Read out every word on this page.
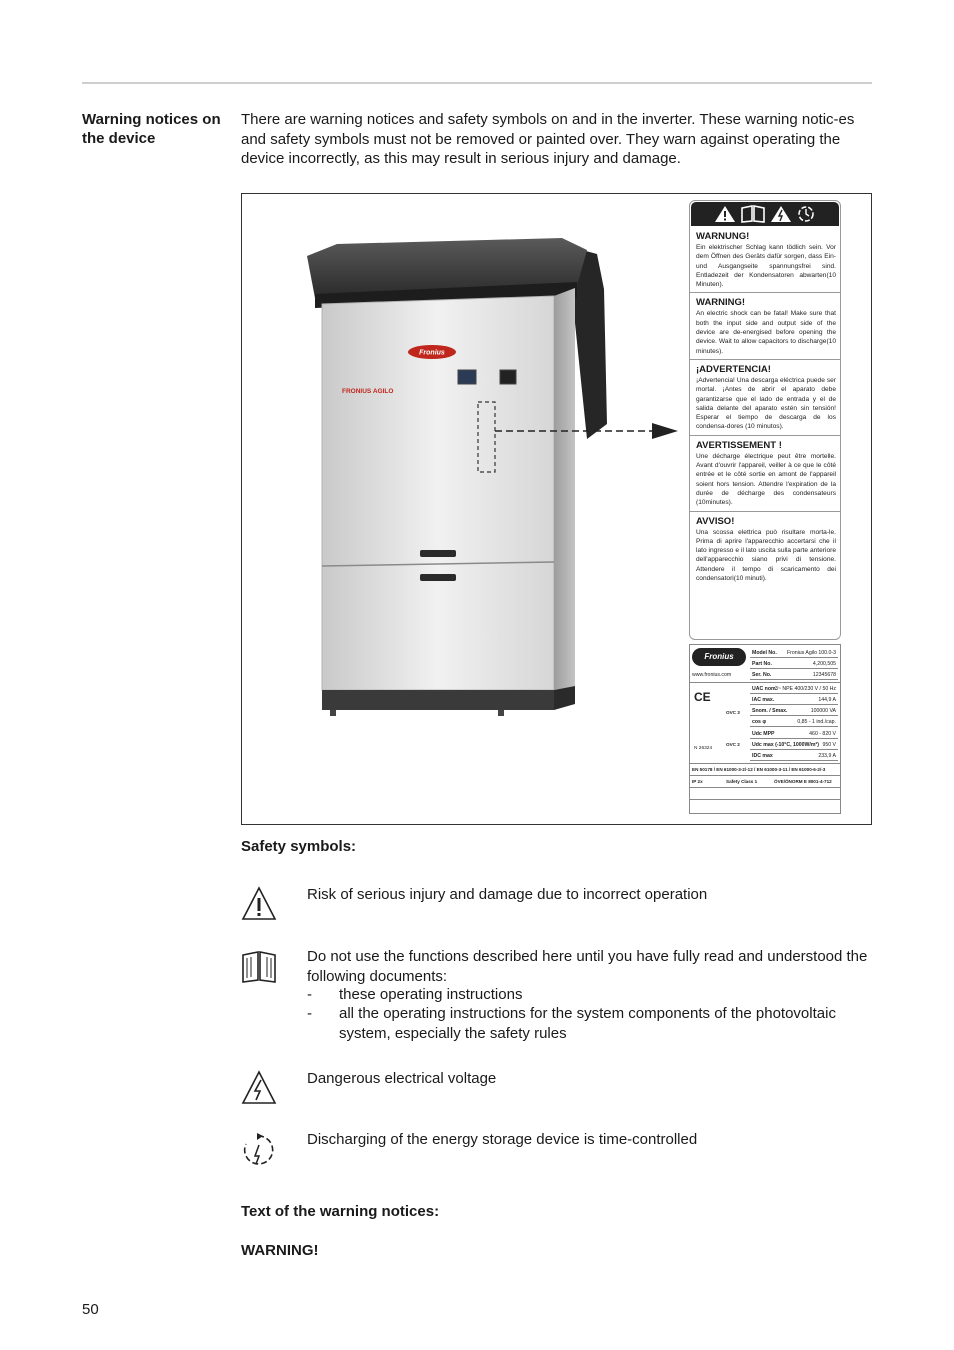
Warning notices on the device
There are warning notices and safety symbols on and in the inverter. These warning notic-es and safety symbols must not be removed or painted over. They warn against operating the device incorrectly, as this may result in serious injury and damage.
Fronius
FRONIUS AGILO
WARNUNG!
Ein elektrischer Schlag kann tödlich sein. Vor dem Öffnen des Geräts dafür sorgen, dass Ein- und Ausgangseite spannungsfrei sind. Entladezeit der Kondensatoren abwarten(10 Minuten).
WARNING!
An electric shock can be fatal! Make sure that both the input side and output side of the device are de-energised before opening the device. Wait to allow capacitors to discharge(10 minutes).
¡ADVERTENCIA!
¡Advertencia! Una descarga eléctrica puede ser mortal. ¡Antes de abrir el aparato debe garantizarse que el lado de entrada y el de salida delante del aparato estén sin tensión! Esperar el tiempo de descarga de los condensa-dores (10 minutos).
AVERTISSEMENT !
Une décharge électrique peut être mortelle. Avant d'ouvrir l'appareil, veiller à ce que le côté entrée et le côté sortie en amont de l'appareil soient hors tension. Attendre l'expiration de la durée de décharge des condensateurs (10minutes).
AVVISO!
Una scossa elettrica può risultare morta-le. Prima di aprire l'apparecchio accertarsi che il lato ingresso e il lato uscita sulla parte anteriore dell'apparecchio siano privi di tensione. Attendere il tempo di scaricamento dei condensatori(10 minuti).
Fronius
www.fronius.com
Model No. Fronius Agilo 100.0-3
Part No.	4,200,505
Ser. No.	12345678
CE
OVC 3
UAC nom.
3~ NPE 400/230 V / 50 Hz
IAC max.	144,9 A
Snom. / Smax.	100000 VA
cos φ	0,85 - 1 ind./cap.
OVC 2
N 26324
Udc MPP	460 - 820 V
Udc max (-10°C, 1000W/m²) 950 V
IDC max	233,9 A
EN 50178 / EN 61000-3-2/-12 / EN 61000-3-11 / EN 61000-6-2/-3
IP 2x	Safety Class 1	ÖVE/ÖNORM E 8001-4-712
Safety symbols:
Risk of serious injury and damage due to incorrect operation
Do not use the functions described here until you have fully read and understood the following documents:
- these operating instructions
- all the operating instructions for the system components of the photovoltaic system, especially the safety rules
Dangerous electrical voltage
Discharging of the energy storage device is time-controlled
Text of the warning notices:
WARNING!
50
